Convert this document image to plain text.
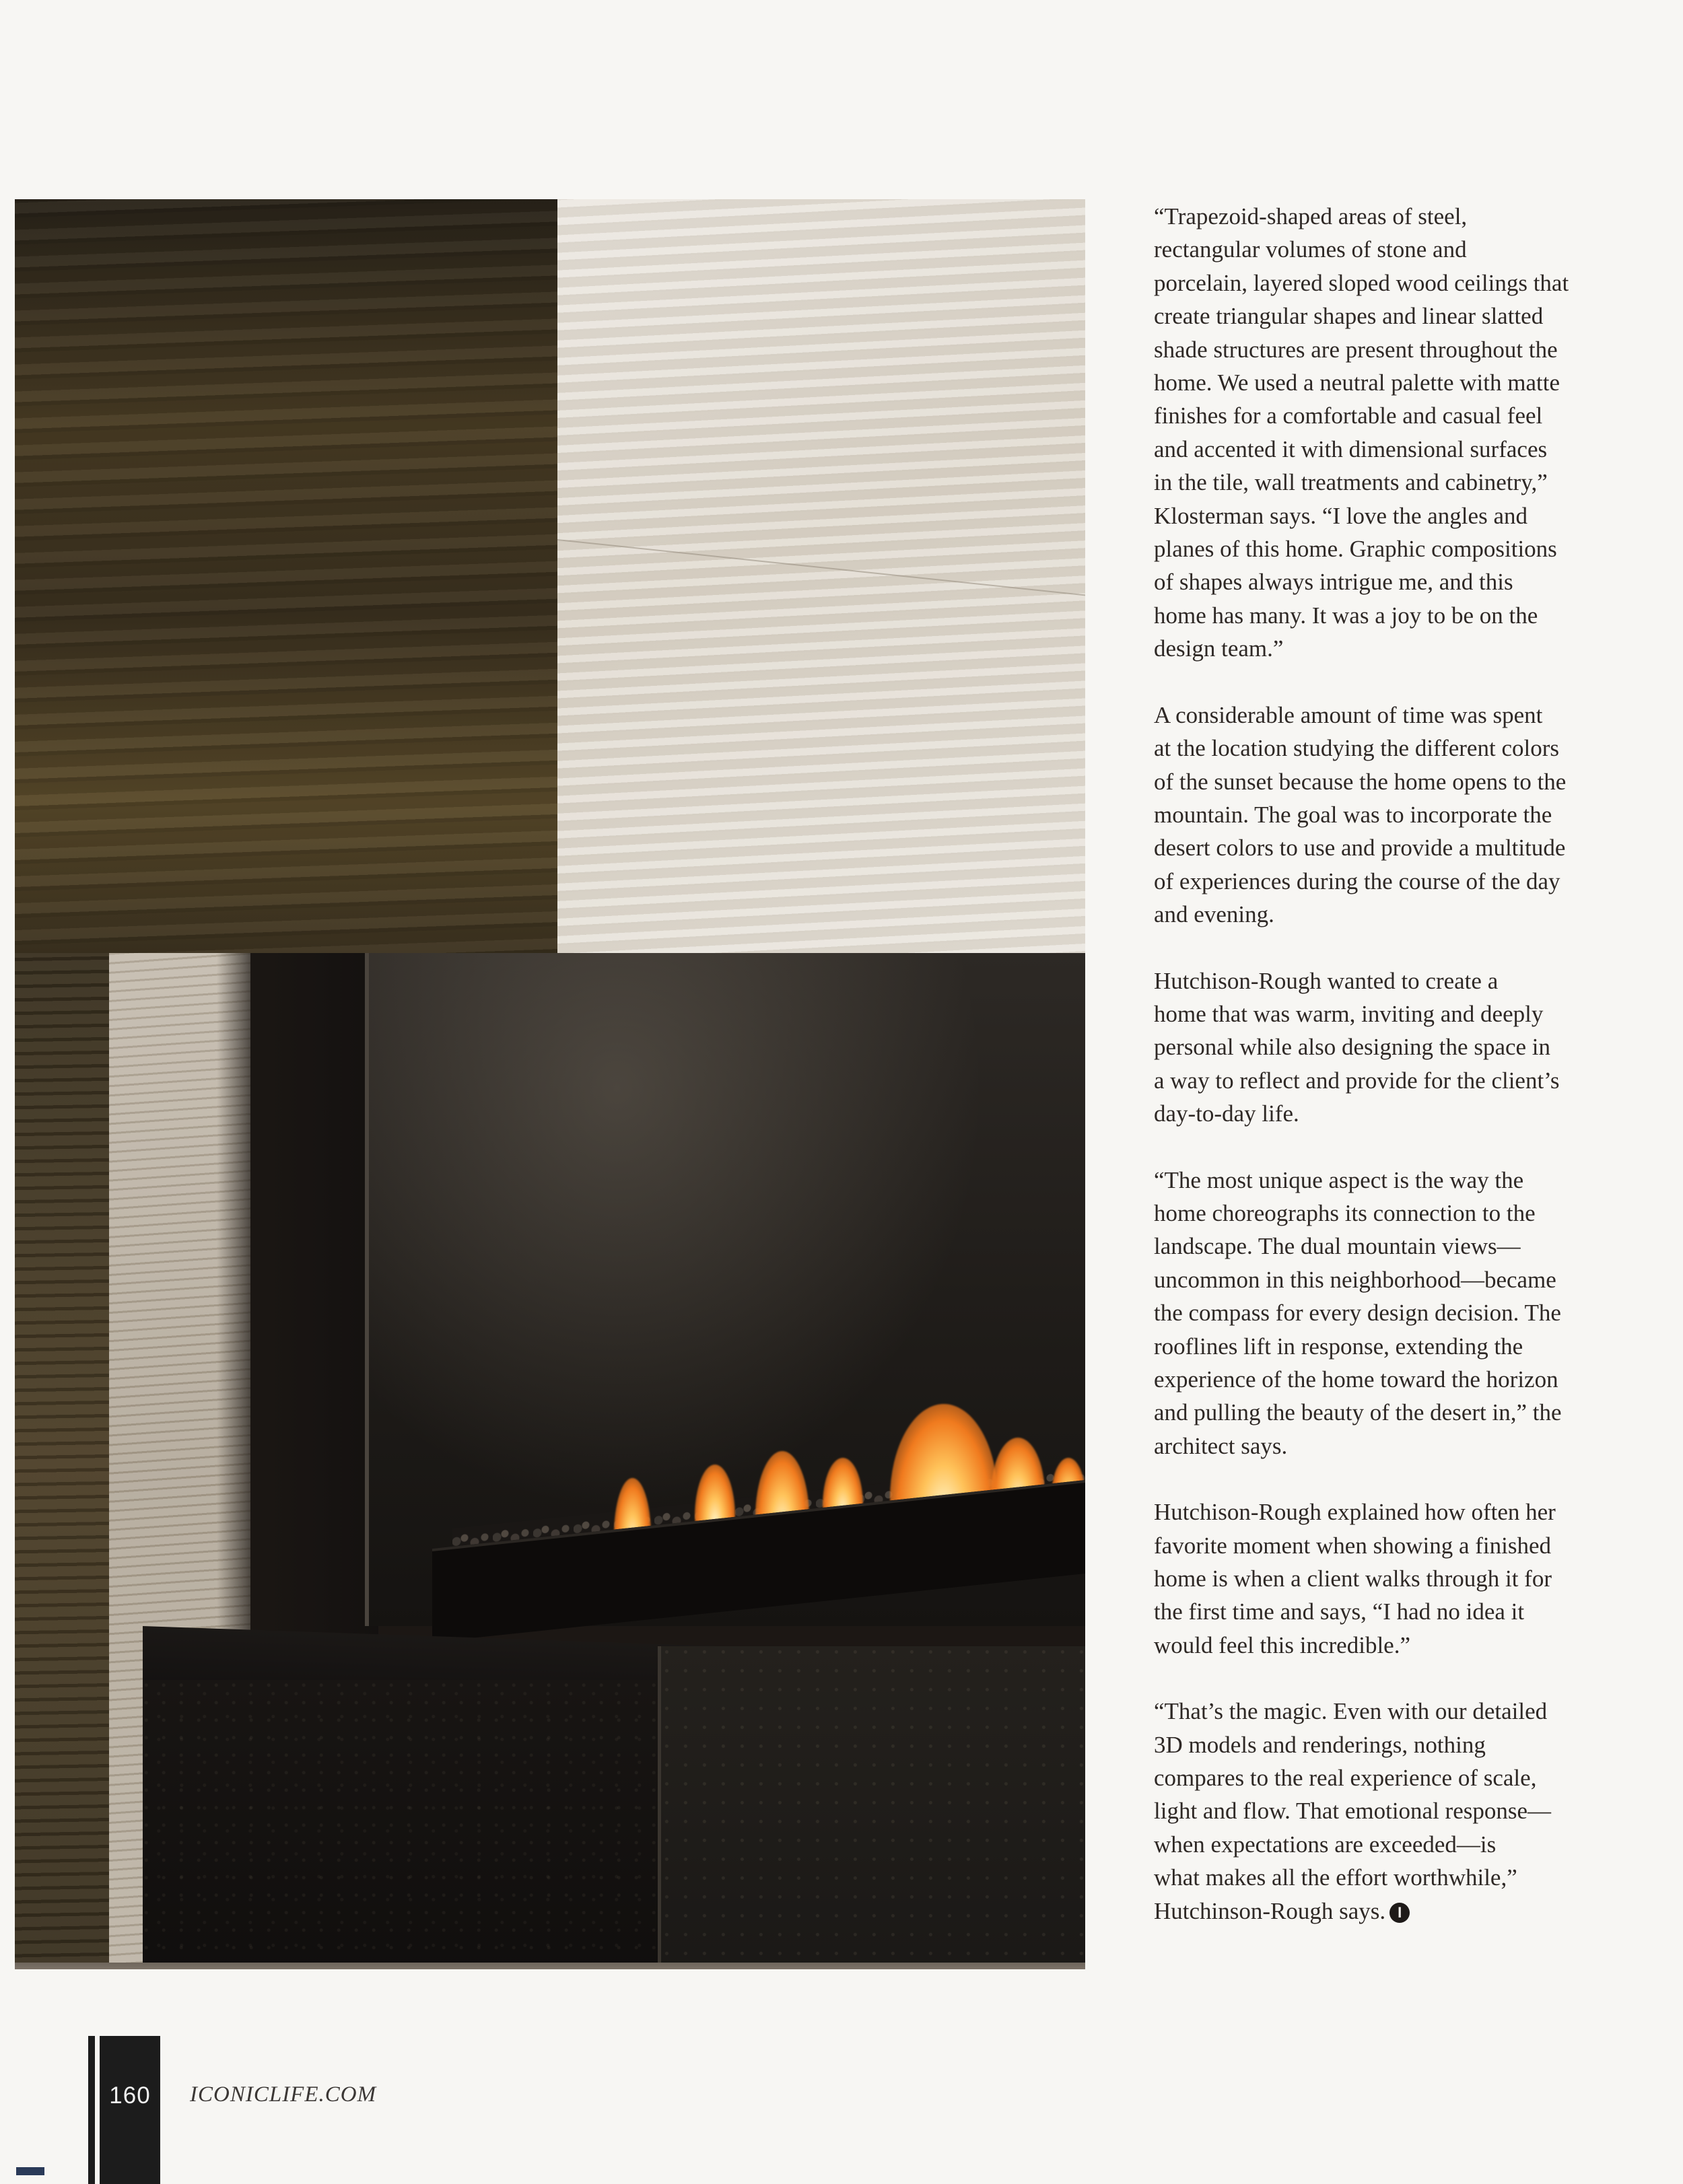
“Trapezoid-shaped areas of steel,
rectangular volumes of stone and
porcelain, layered sloped wood ceilings that
create triangular shapes and linear slatted
shade structures are present throughout the
home. We used a neutral palette with matte
finishes for a comfortable and casual feel
and accented it with dimensional surfaces
in the tile, wall treatments and cabinetry,”
Klosterman says. “I love the angles and
planes of this home. Graphic compositions
of shapes always intrigue me, and this
home has many. It was a joy to be on the
design team.”

A considerable amount of time was spent
at the location studying the different colors
of the sunset because the home opens to the
mountain. The goal was to incorporate the
desert colors to use and provide a multitude
of experiences during the course of the day
and evening.

Hutchison-Rough wanted to create a
home that was warm, inviting and deeply
personal while also designing the space in
a way to reflect and provide for the client’s
day-to-day life.

“The most unique aspect is the way the
home choreographs its connection to the
landscape. The dual mountain views—
uncommon in this neighborhood—became
the compass for every design decision. The
rooflines lift in response, extending the
experience of the home toward the horizon
and pulling the beauty of the desert in,” the
architect says.

Hutchison-Rough explained how often her
favorite moment when showing a finished
home is when a client walks through it for
the first time and says, “I had no idea it
would feel this incredible.”

“That’s the magic. Even with our detailed
3D models and renderings, nothing
compares to the real experience of scale,
light and flow. That emotional response—
when expectations are exceeded—is
what makes all the effort worthwhile,”
Hutchinson-Rough says. I

160	ICONICLIFE.COM
